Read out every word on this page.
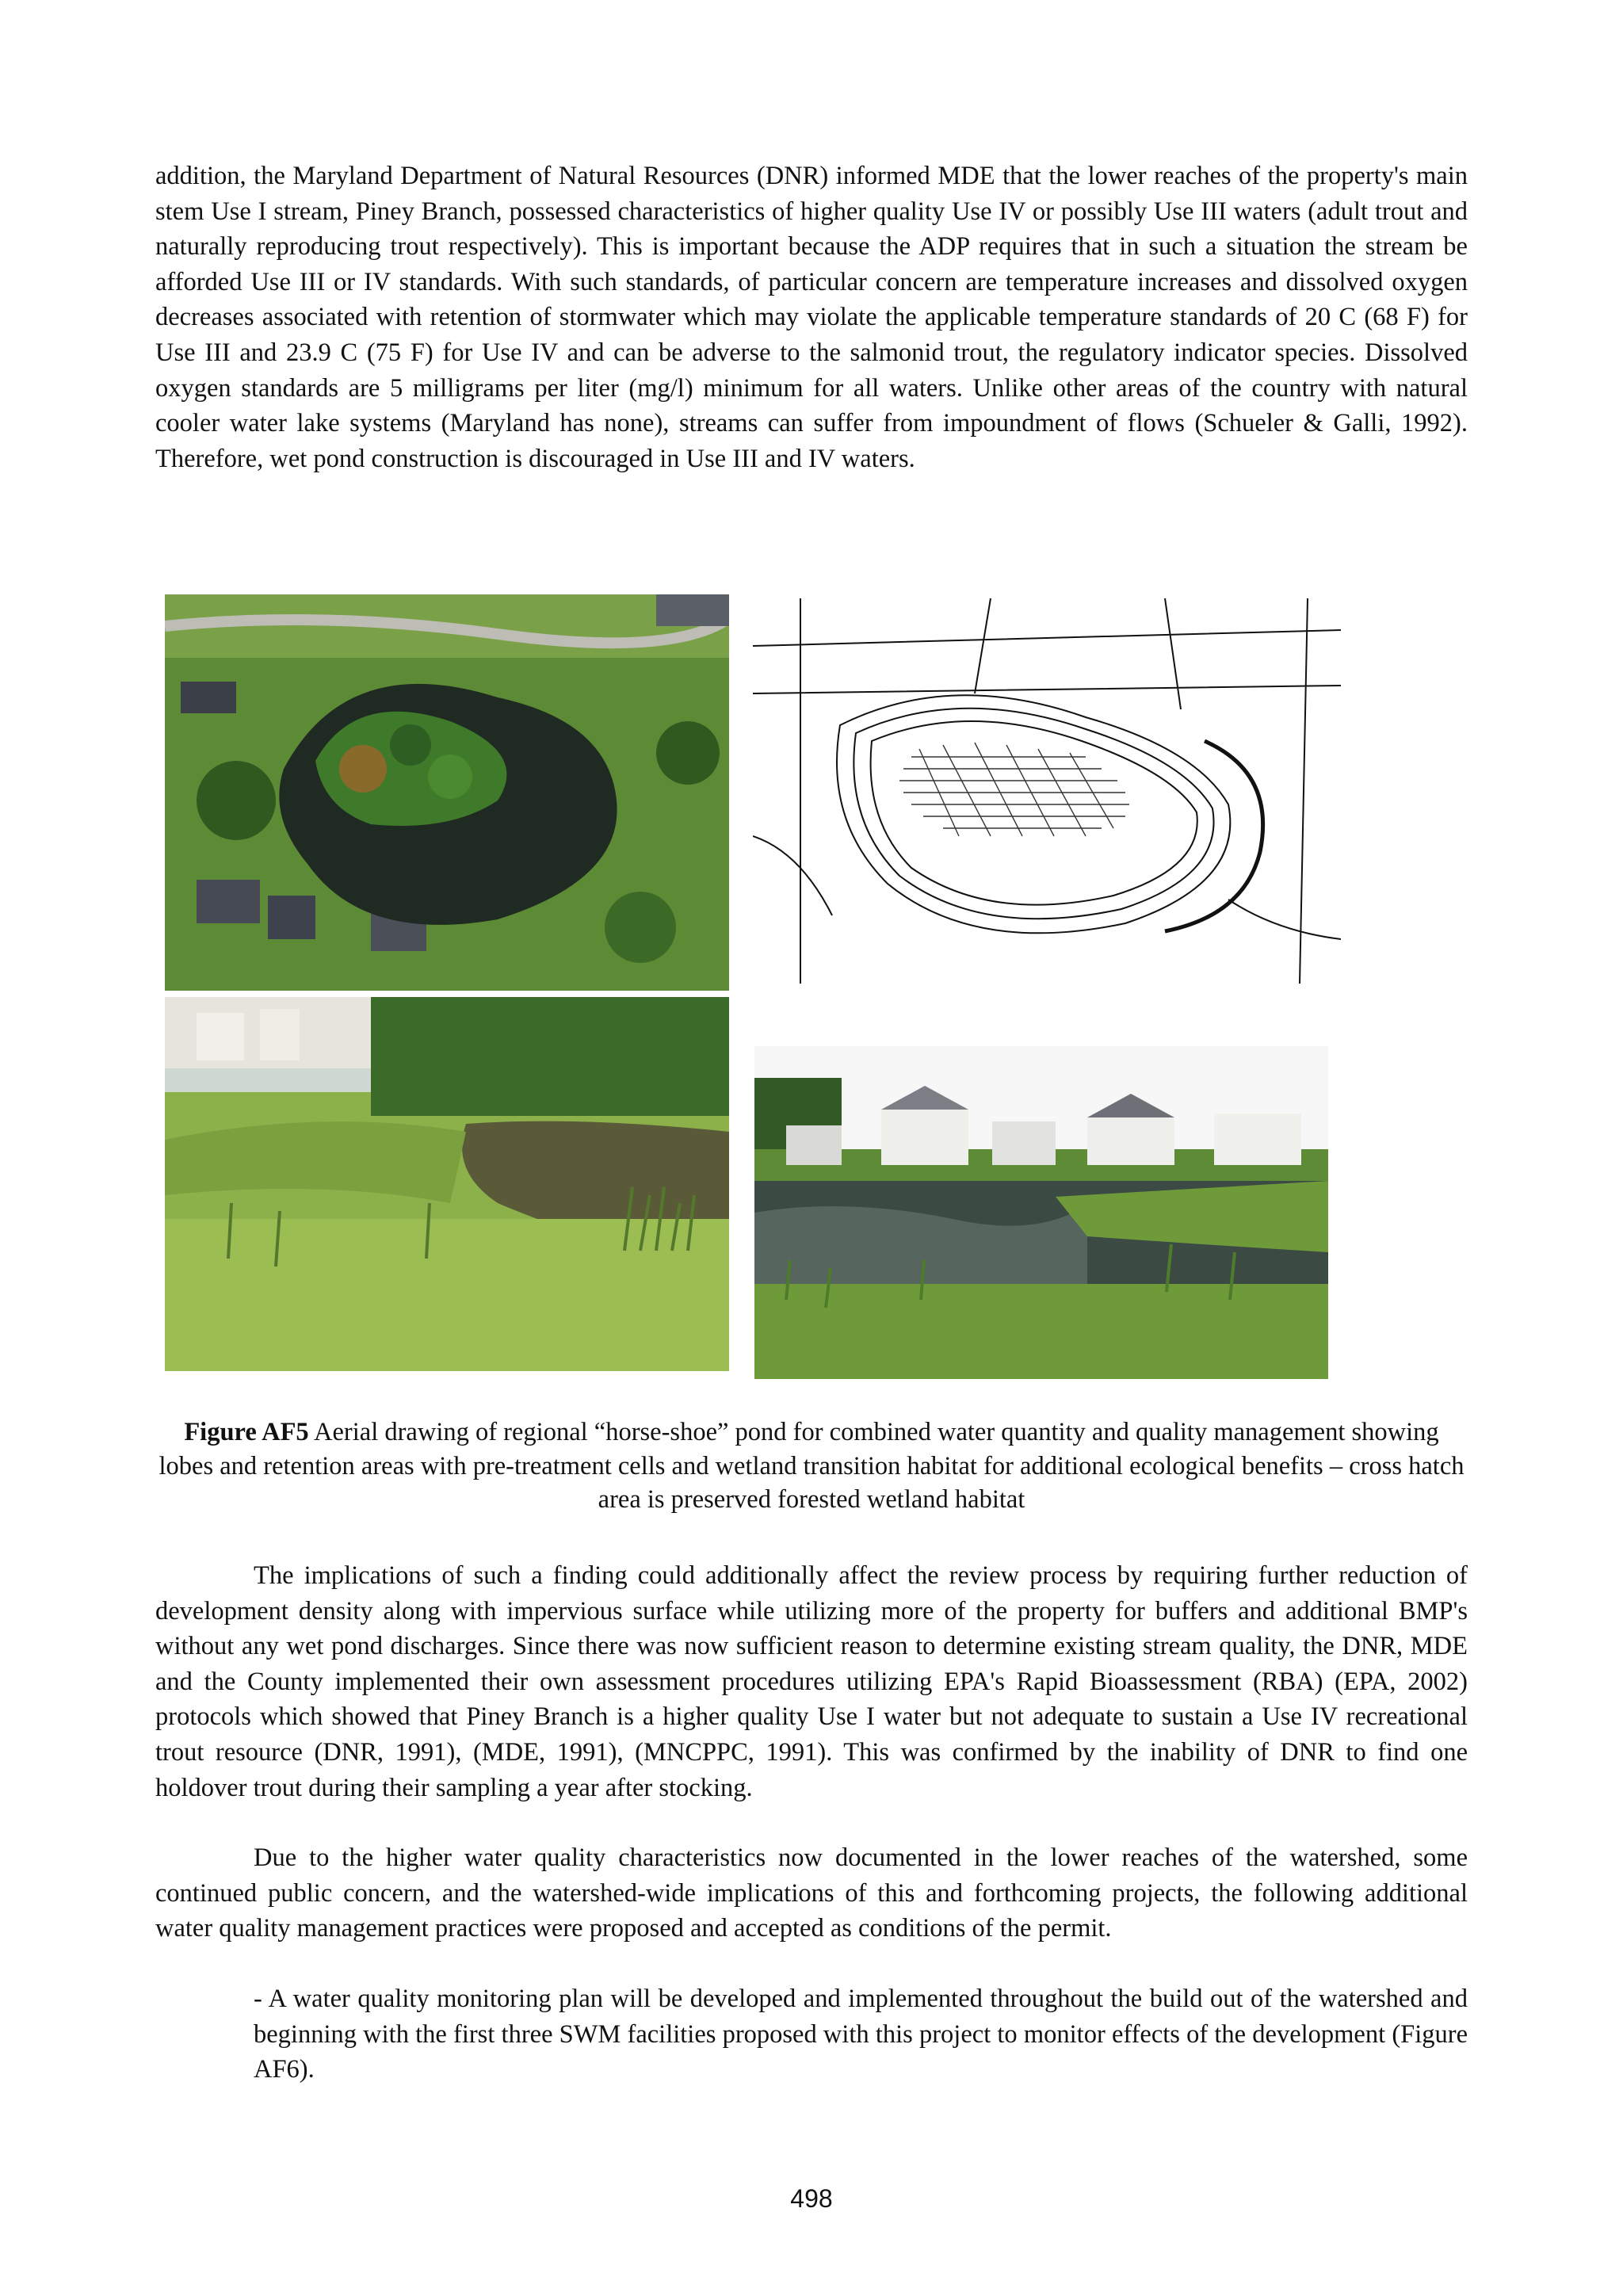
addition, the Maryland Department of Natural Resources (DNR) informed MDE that the lower reaches of the property's main stem Use I stream, Piney Branch, possessed characteristics of higher quality Use IV or possibly Use III waters (adult trout and naturally reproducing trout respectively). This is important because the ADP requires that in such a situation the stream be afforded Use III or IV standards. With such standards, of particular concern are temperature increases and dissolved oxygen decreases associated with retention of stormwater which may violate the applicable temperature standards of 20 C (68 F) for Use III and 23.9 C (75 F) for Use IV and can be adverse to the salmonid trout, the regulatory indicator species. Dissolved oxygen standards are 5 milligrams per liter (mg/l) minimum for all waters. Unlike other areas of the country with natural cooler water lake systems (Maryland has none), streams can suffer from impoundment of flows (Schueler & Galli, 1992). Therefore, wet pond construction is discouraged in Use III and IV waters.

Figure AF5 Aerial drawing of regional “horse-shoe” pond for combined water quantity and quality management showing lobes and retention areas with pre-treatment cells and wetland transition habitat for additional ecological benefits – cross hatch area is preserved forested wetland habitat

The implications of such a finding could additionally affect the review process by requiring further reduction of development density along with impervious surface while utilizing more of the property for buffers and additional BMP's without any wet pond discharges. Since there was now sufficient reason to determine existing stream quality, the DNR, MDE and the County implemented their own assessment procedures utilizing EPA's Rapid Bioassessment (RBA) (EPA, 2002) protocols which showed that Piney Branch is a higher quality Use I water but not adequate to sustain a Use IV recreational trout resource (DNR, 1991), (MDE, 1991), (MNCPPC, 1991). This was confirmed by the inability of DNR to find one holdover trout during their sampling a year after stocking.

Due to the higher water quality characteristics now documented in the lower reaches of the watershed, some continued public concern, and the watershed-wide implications of this and forthcoming projects, the following additional water quality management practices were proposed and accepted as conditions of the permit.

- A water quality monitoring plan will be developed and implemented throughout the build out of the watershed and beginning with the first three SWM facilities proposed with this project to monitor effects of the development (Figure AF6).

498
